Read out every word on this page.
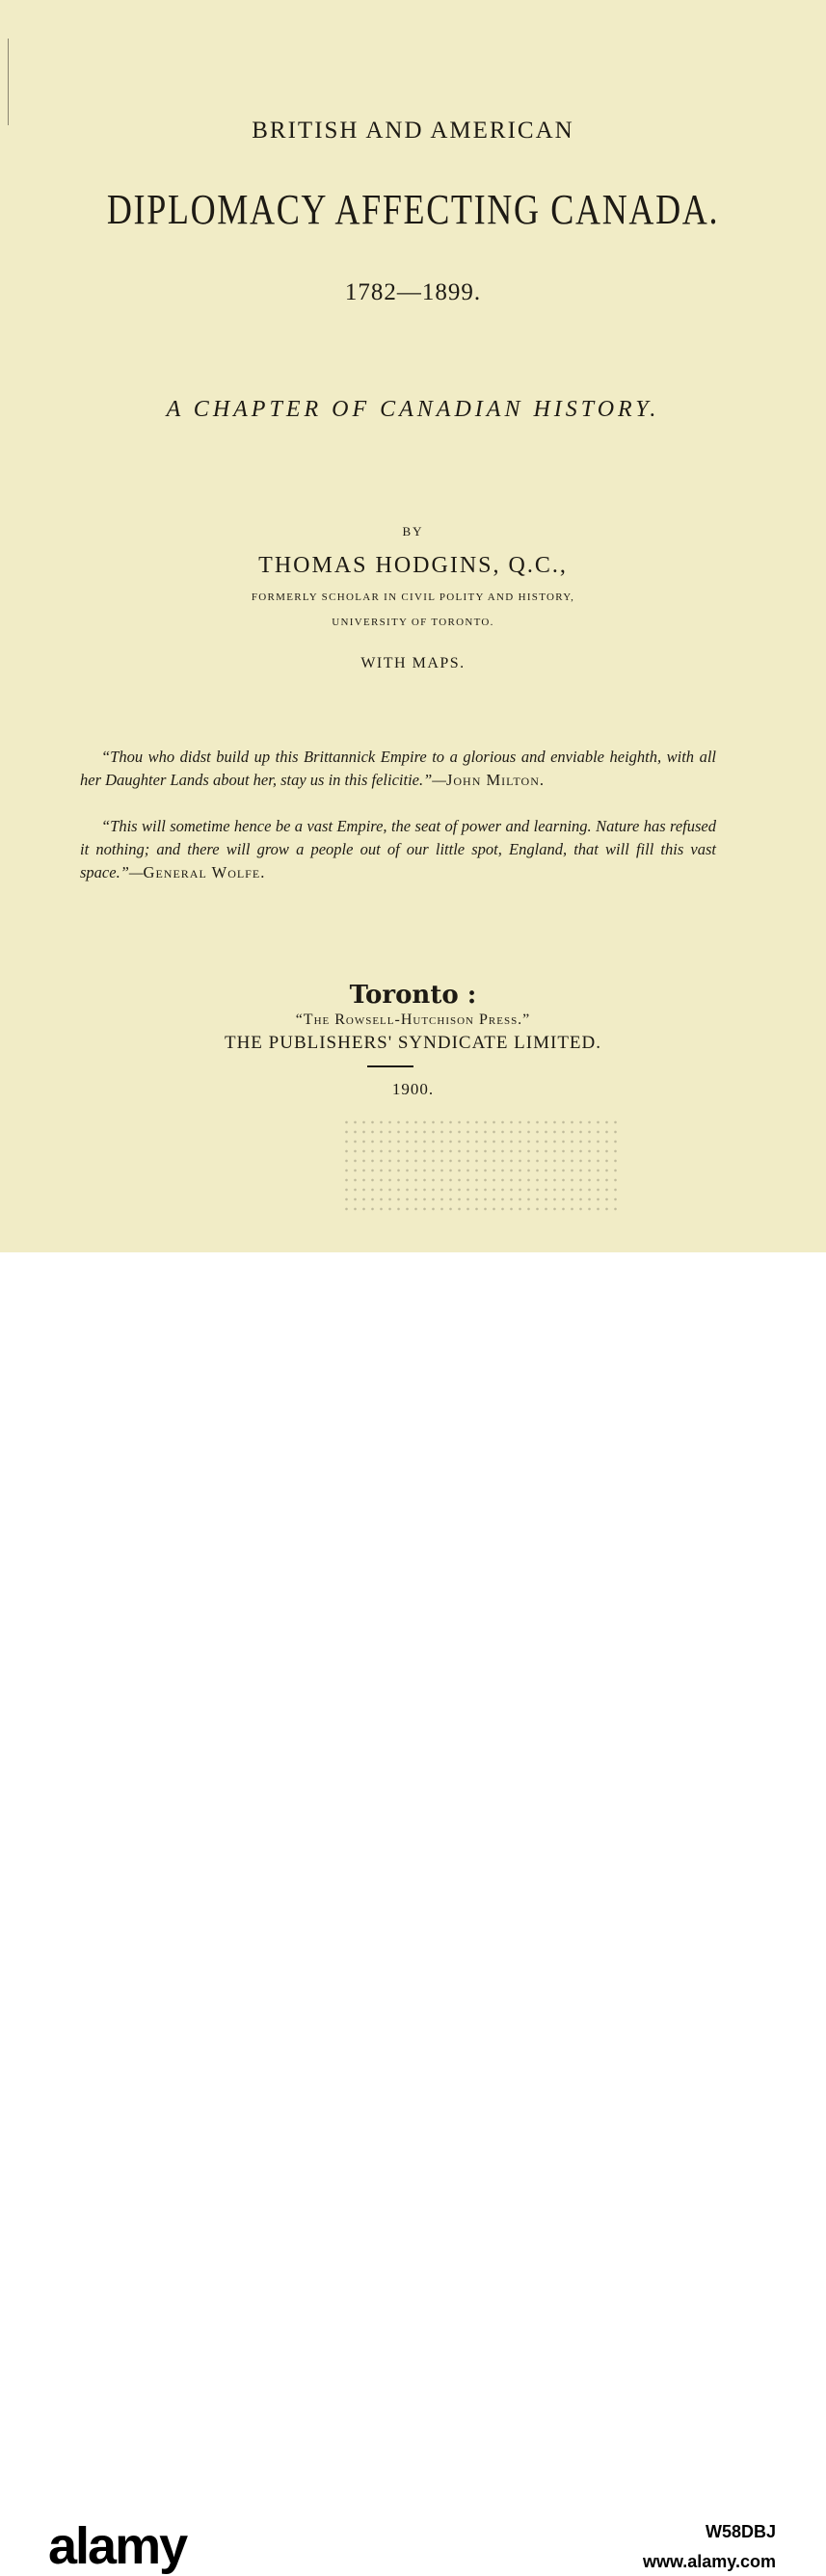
BRITISH AND AMERICAN
DIPLOMACY AFFECTING CANADA.
1782—1899.
A CHAPTER OF CANADIAN HISTORY.
BY
THOMAS HODGINS, Q.C.,
FORMERLY SCHOLAR IN CIVIL POLITY AND HISTORY,
UNIVERSITY OF TORONTO.
WITH MAPS.
“Thou who didst build up this Brittannick Empire to a glorious and enviable heighth, with all her Daughter Lands about her, stay us in this felicitie.”—John Milton.
“This will sometime hence be a vast Empire, the seat of power and learning. Nature has refused it nothing; and there will grow a people out of our little spot, England, that will fill this vast space.”—General Wolfe.
Toronto :
“The Rowsell-Hutchison Press.”
THE PUBLISHERS' SYNDICATE LIMITED.
1900.
alamy	W58DBJ
www.alamy.com
